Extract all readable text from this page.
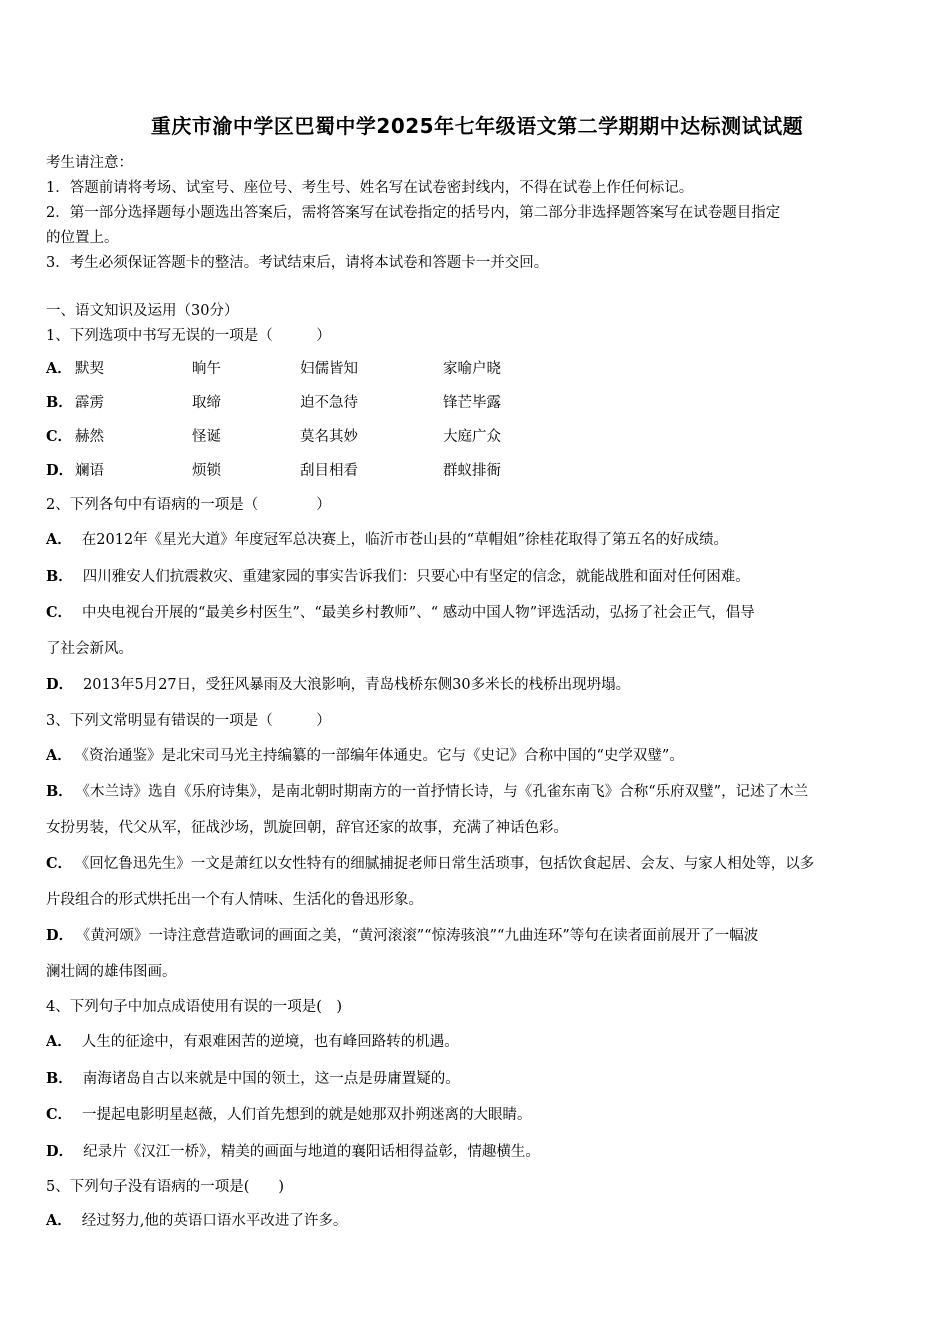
重庆市渝中学区巴蜀中学2025年七年级语文第二学期期中达标测试试题
考生请注意：
1．答题前请将考场、试室号、座位号、考生号、姓名写在试卷密封线内，不得在试卷上作任何标记。
2．第一部分选择题每小题选出答案后，需将答案写在试卷指定的括号内，第二部分非选择题答案写在试卷题目指定
的位置上。
3．考生必须保证答题卡的整洁。考试结束后，请将本试卷和答题卡一并交回。
一、语文知识及运用（30分）
1、下列选项中书写无误的一项是（　　　）
A． 默契	晌午	妇儒皆知	家喻户晓
B． 霹雳	取缔	迫不急待	锋芒毕露
C． 赫然	怪诞	莫名其妙	大庭广众
D． 斓语	烦锁	刮目相看	群蚁排衙
2、下列各句中有语病的一项是（　　　　）
A． 在2012年《星光大道》年度冠军总决赛上，临沂市苍山县的“草帽姐”徐桂花取得了第五名的好成绩。
B． 四川雅安人们抗震救灾、重建家园的事实告诉我们：只要心中有坚定的信念，就能战胜和面对任何困难。
C． 中央电视台开展的“最美乡村医生”、“最美乡村教师”、“ 感动中国人物”评选活动，弘扬了社会正气，倡导
了社会新风。
D． 2013年5月27日，受狂风暴雨及大浪影响，青岛栈桥东侧30多米长的栈桥出现坍塌。
3、下列文常明显有错误的一项是（　　　）
A． 《资治通鉴》是北宋司马光主持编纂的一部编年体通史。它与《史记》合称中国的“史学双璧”。
B． 《木兰诗》选自《乐府诗集》，是南北朝时期南方的一首抒情长诗，与《孔雀东南飞》合称“乐府双璧”，记述了木兰
女扮男装，代父从军，征战沙场，凯旋回朝，辞官还家的故事，充满了神话色彩。
C． 《回忆鲁迅先生》一文是萧红以女性特有的细腻捕捉老师日常生活琐事，包括饮食起居、会友、与家人相处等，以多
片段组合的形式烘托出一个有人情味、生活化的鲁迅形象。
D． 《黄河颂》一诗注意营造歌词的画面之美，“黄河滚滚”“惊涛骇浪”“九曲连环”等句在读者面前展开了一幅波
澜壮阔的雄伟图画。
4、下列句子中加点成语使用有误的一项是(　)
A． 人生的征途中，有艰难困苦的逆境，也有峰回路转的机遇。
B． 南海诸岛自古以来就是中国的领土，这一点是毋庸置疑的。
C． 一提起电影明星赵薇，人们首先想到的就是她那双扑朔迷离的大眼睛。
D． 纪录片《汉江一桥》，精美的画面与地道的襄阳话相得益彰，情趣横生。
5、下列句子没有语病的一项是(　　)
A． 经过努力,他的英语口语水平改进了许多。
